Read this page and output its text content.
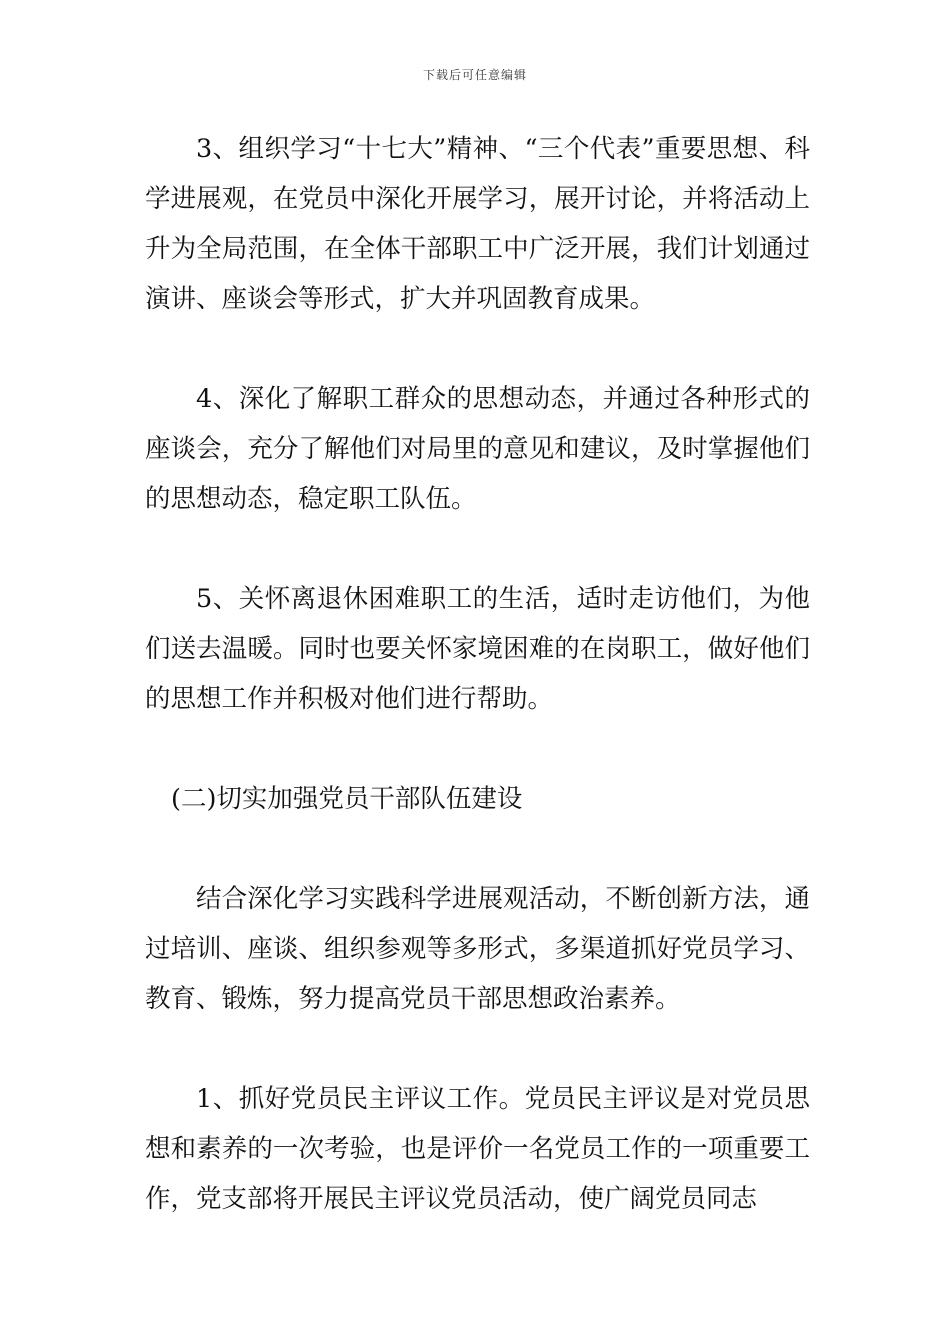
下载后可任意编辑

3、组织学习“十七大”精神、“三个代表”重要思想、科学进展观，在党员中深化开展学习，展开讨论，并将活动上升为全局范围，在全体干部职工中广泛开展，我们计划通过演讲、座谈会等形式，扩大并巩固教育成果。

4、深化了解职工群众的思想动态，并通过各种形式的座谈会，充分了解他们对局里的意见和建议，及时掌握他们的思想动态，稳定职工队伍。

5、关怀离退休困难职工的生活，适时走访他们，为他们送去温暖。同时也要关怀家境困难的在岗职工，做好他们的思想工作并积极对他们进行帮助。

(二)切实加强党员干部队伍建设

结合深化学习实践科学进展观活动，不断创新方法，通过培训、座谈、组织参观等多形式，多渠道抓好党员学习、教育、锻炼，努力提高党员干部思想政治素养。

1、抓好党员民主评议工作。党员民主评议是对党员思想和素养的一次考验，也是评价一名党员工作的一项重要工作，党支部将开展民主评议党员活动，使广阔党员同志
